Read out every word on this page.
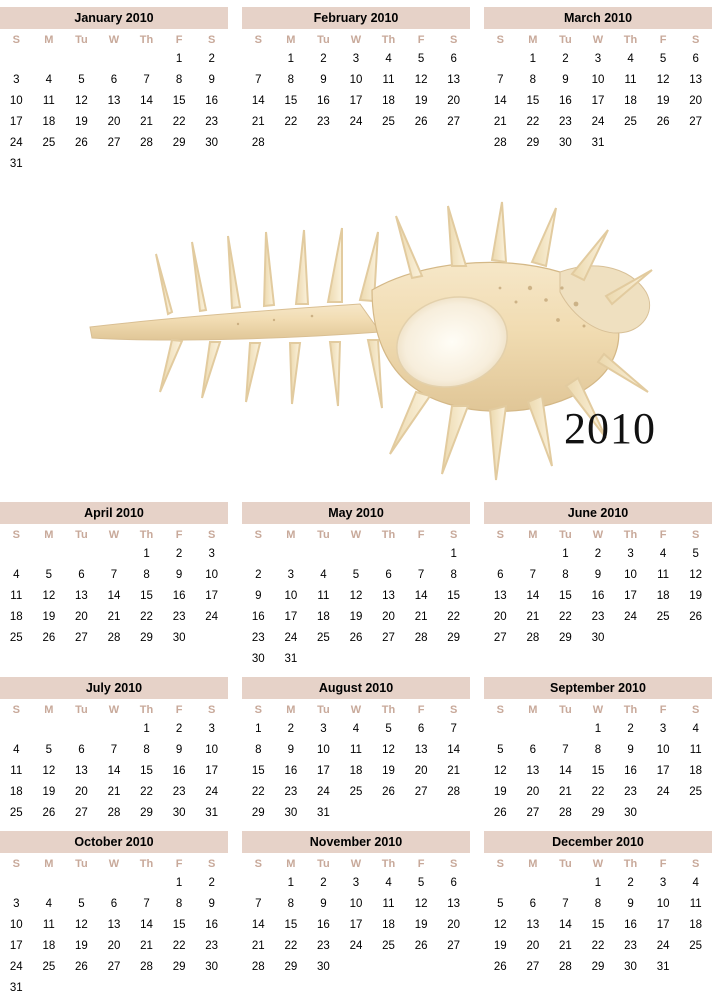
January 2010
S	M	Tu	W	Th	F	S
					1	2
3	4	5	6	7	8	9
10	11	12	13	14	15	16
17	18	19	20	21	22	23
24	25	26	27	28	29	30
31						
February 2010
S	M	Tu	W	Th	F	S
	1	2	3	4	5	6
7	8	9	10	11	12	13
14	15	16	17	18	19	20
21	22	23	24	25	26	27
28						
March 2010
S	M	Tu	W	Th	F	S
	1	2	3	4	5	6
7	8	9	10	11	12	13
14	15	16	17	18	19	20
21	22	23	24	25	26	27
28	29	30	31			
2010
April 2010
S	M	Tu	W	Th	F	S
				1	2	3
4	5	6	7	8	9	10
11	12	13	14	15	16	17
18	19	20	21	22	23	24
25	26	27	28	29	30	
May 2010
S	M	Tu	W	Th	F	S
						1
2	3	4	5	6	7	8
9	10	11	12	13	14	15
16	17	18	19	20	21	22
23	24	25	26	27	28	29
30	31					
June 2010
S	M	Tu	W	Th	F	S
		1	2	3	4	5
6	7	8	9	10	11	12
13	14	15	16	17	18	19
20	21	22	23	24	25	26
27	28	29	30			
July 2010
S	M	Tu	W	Th	F	S
				1	2	3
4	5	6	7	8	9	10
11	12	13	14	15	16	17
18	19	20	21	22	23	24
25	26	27	28	29	30	31
August 2010
S	M	Tu	W	Th	F	S
1	2	3	4	5	6	7
8	9	10	11	12	13	14
15	16	17	18	19	20	21
22	23	24	25	26	27	28
29	30	31				
September 2010
S	M	Tu	W	Th	F	S
			1	2	3	4
5	6	7	8	9	10	11
12	13	14	15	16	17	18
19	20	21	22	23	24	25
26	27	28	29	30		
October 2010
S	M	Tu	W	Th	F	S
					1	2
3	4	5	6	7	8	9
10	11	12	13	14	15	16
17	18	19	20	21	22	23
24	25	26	27	28	29	30
31						
November 2010
S	M	Tu	W	Th	F	S
	1	2	3	4	5	6
7	8	9	10	11	12	13
14	15	16	17	18	19	20
21	22	23	24	25	26	27
28	29	30				
December 2010
S	M	Tu	W	Th	F	S
			1	2	3	4
5	6	7	8	9	10	11
12	13	14	15	16	17	18
19	20	21	22	23	24	25
26	27	28	29	30	31	
